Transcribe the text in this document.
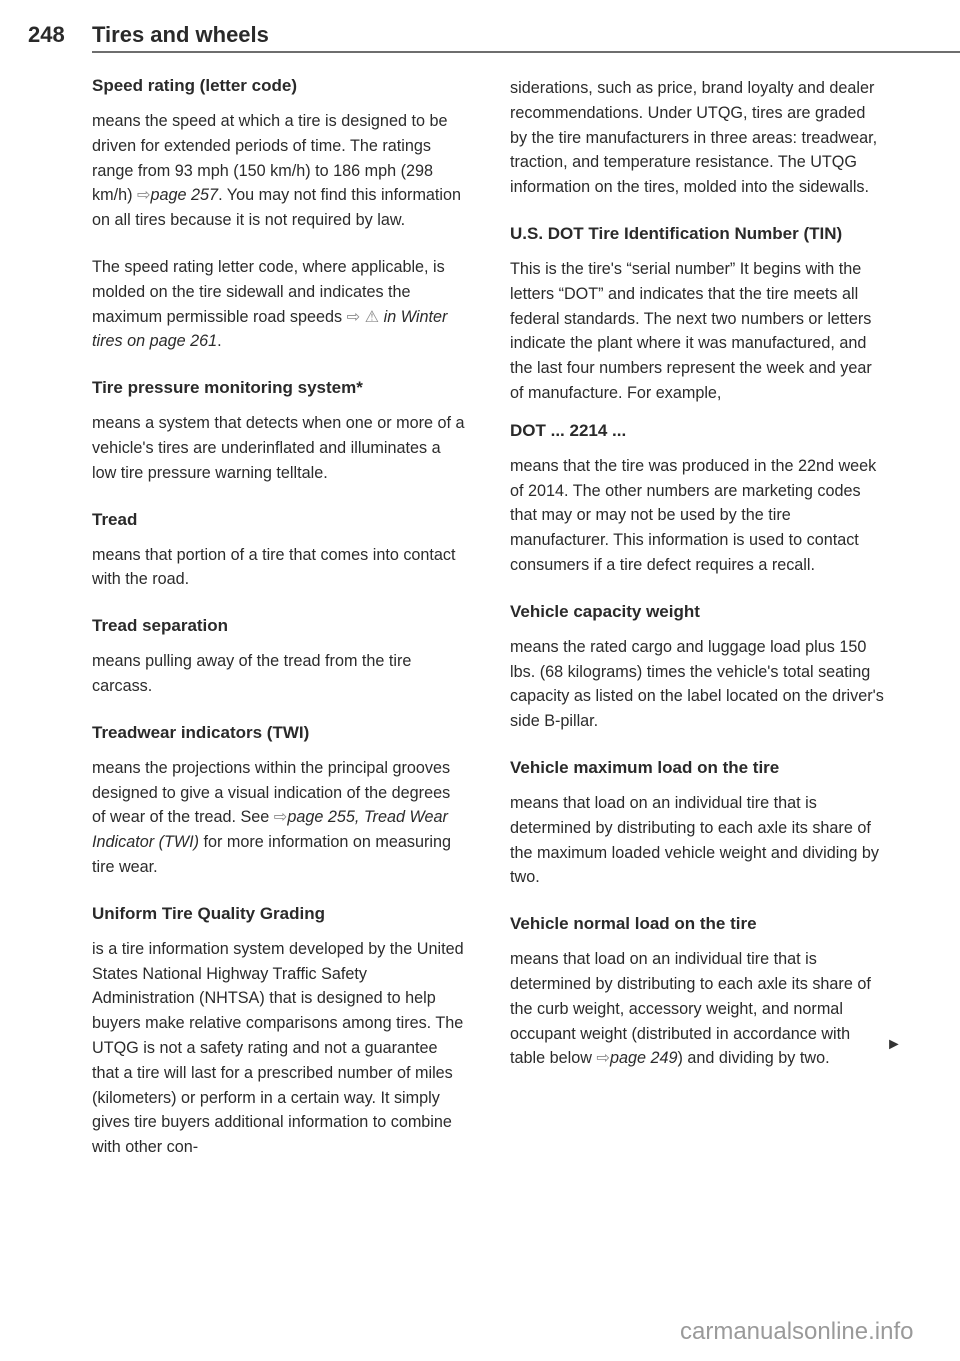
248 Tires and wheels
Speed rating (letter code)
means the speed at which a tire is designed to be driven for extended periods of time. The ratings range from 93 mph (150 km/h) to 186 mph (298 km/h) ⇨page 257. You may not find this information on all tires because it is not required by law.
The speed rating letter code, where applicable, is molded on the tire sidewall and indicates the maximum permissible road speeds ⇨ ⚠ in Winter tires on page 261.
Tire pressure monitoring system*
means a system that detects when one or more of a vehicle's tires are underinflated and illuminates a low tire pressure warning telltale.
Tread
means that portion of a tire that comes into contact with the road.
Tread separation
means pulling away of the tread from the tire carcass.
Treadwear indicators (TWI)
means the projections within the principal grooves designed to give a visual indication of the degrees of wear of the tread. See ⇨page 255, Tread Wear Indicator (TWI) for more information on measuring tire wear.
Uniform Tire Quality Grading
is a tire information system developed by the United States National Highway Traffic Safety Administration (NHTSA) that is designed to help buyers make relative comparisons among tires. The UTQG is not a safety rating and not a guarantee that a tire will last for a prescribed number of miles (kilometers) or perform in a certain way. It simply gives tire buyers additional information to combine with other con-
siderations, such as price, brand loyalty and dealer recommendations. Under UTQG, tires are graded by the tire manufacturers in three areas: treadwear, traction, and temperature resistance. The UTQG information on the tires, molded into the sidewalls.
U.S. DOT Tire Identification Number (TIN)
This is the tire's “serial number” It begins with the letters “DOT” and indicates that the tire meets all federal standards. The next two numbers or letters indicate the plant where it was manufactured, and the last four numbers represent the week and year of manufacture. For example,
DOT ... 2214 ...
means that the tire was produced in the 22nd week of 2014. The other numbers are marketing codes that may or may not be used by the tire manufacturer. This information is used to contact consumers if a tire defect requires a recall.
Vehicle capacity weight
means the rated cargo and luggage load plus 150 lbs. (68 kilograms) times the vehicle's total seating capacity as listed on the label located on the driver's side B-pillar.
Vehicle maximum load on the tire
means that load on an individual tire that is determined by distributing to each axle its share of the maximum loaded vehicle weight and dividing by two.
Vehicle normal load on the tire
means that load on an individual tire that is determined by distributing to each axle its share of the curb weight, accessory weight, and normal occupant weight (distributed in accordance with table below ⇨page 249) and dividing by two.
►
carmanualsonline.info
